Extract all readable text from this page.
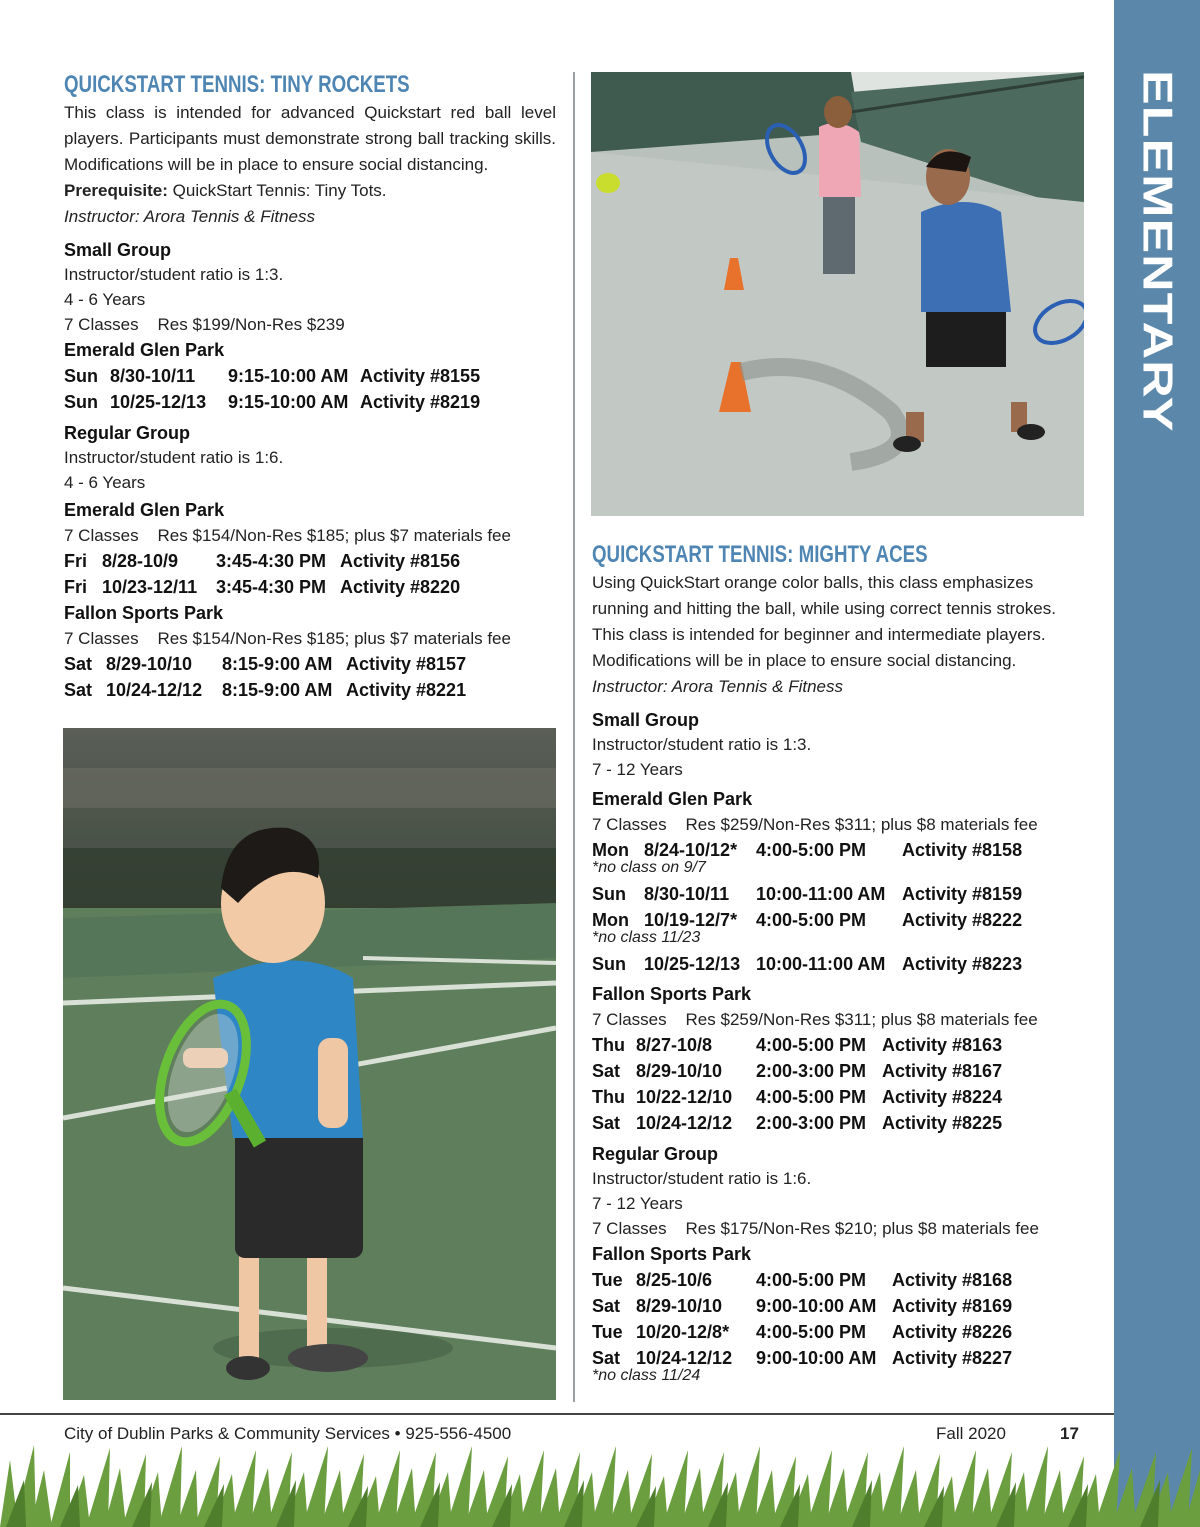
ELEMENTARY
QUICKSTART TENNIS: TINY ROCKETS
This class is intended for advanced Quickstart red ball level players. Participants must demonstrate strong ball tracking skills. Modifications will be in place to ensure social distancing.
Prerequisite: QuickStart Tennis: Tiny Tots.
Instructor: Arora Tennis & Fitness
Small Group
Instructor/student ratio is 1:3.
4 - 6 Years
7 Classes    Res $199/Non-Res $239
Emerald Glen Park
Sun 8/30-10/11	9:15-10:00 AM Activity #8155
Sun 10/25-12/13	9:15-10:00 AM Activity #8219
Regular Group
Instructor/student ratio is 1:6.
4 - 6 Years
Emerald Glen Park
7 Classes    Res $154/Non-Res $185; plus $7 materials fee
Fri 8/28-10/9	3:45-4:30 PM Activity #8156
Fri 10/23-12/11	3:45-4:30 PM Activity #8220
Fallon Sports Park
7 Classes    Res $154/Non-Res $185; plus $7 materials fee
Sat 8/29-10/10	8:15-9:00 AM Activity #8157
Sat 10/24-12/12	8:15-9:00 AM Activity #8221
QUICKSTART TENNIS: MIGHTY ACES
Using QuickStart orange color balls, this class emphasizes running and hitting the ball, while using correct tennis strokes. This class is intended for beginner and intermediate players. Modifications will be in place to ensure social distancing.
Instructor: Arora Tennis & Fitness
Small Group
Instructor/student ratio is 1:3.
7 - 12 Years
Emerald Glen Park
7 Classes    Res $259/Non-Res $311; plus $8 materials fee
Mon 8/24-10/12*	4:00-5:00 PM	Activity #8158
*no class on 9/7
Sun	8/30-10/11	10:00-11:00 AM Activity #8159
Mon 10/19-12/7*	4:00-5:00 PM	Activity #8222
*no class 11/23
Sun	10/25-12/13 10:00-11:00 AM Activity #8223
Fallon Sports Park
7 Classes    Res $259/Non-Res $311; plus $8 materials fee
Thu 8/27-10/8	4:00-5:00 PM Activity #8163
Sat 8/29-10/10	2:00-3:00 PM Activity #8167
Thu 10/22-12/10	4:00-5:00 PM Activity #8224
Sat 10/24-12/12	2:00-3:00 PM Activity #8225
Regular Group
Instructor/student ratio is 1:6.
7 - 12 Years
7 Classes    Res $175/Non-Res $210; plus $8 materials fee
Fallon Sports Park
Tue 8/25-10/6	4:00-5:00 PM	Activity #8168
Sat 8/29-10/10	9:00-10:00 AM Activity #8169
Tue 10/20-12/8*	4:00-5:00 PM	Activity #8226
Sat 10/24-12/12	9:00-10:00 AM Activity #8227
*no class 11/24
City of Dublin Parks & Community Services • 925-556-4500	Fall 2020	17
